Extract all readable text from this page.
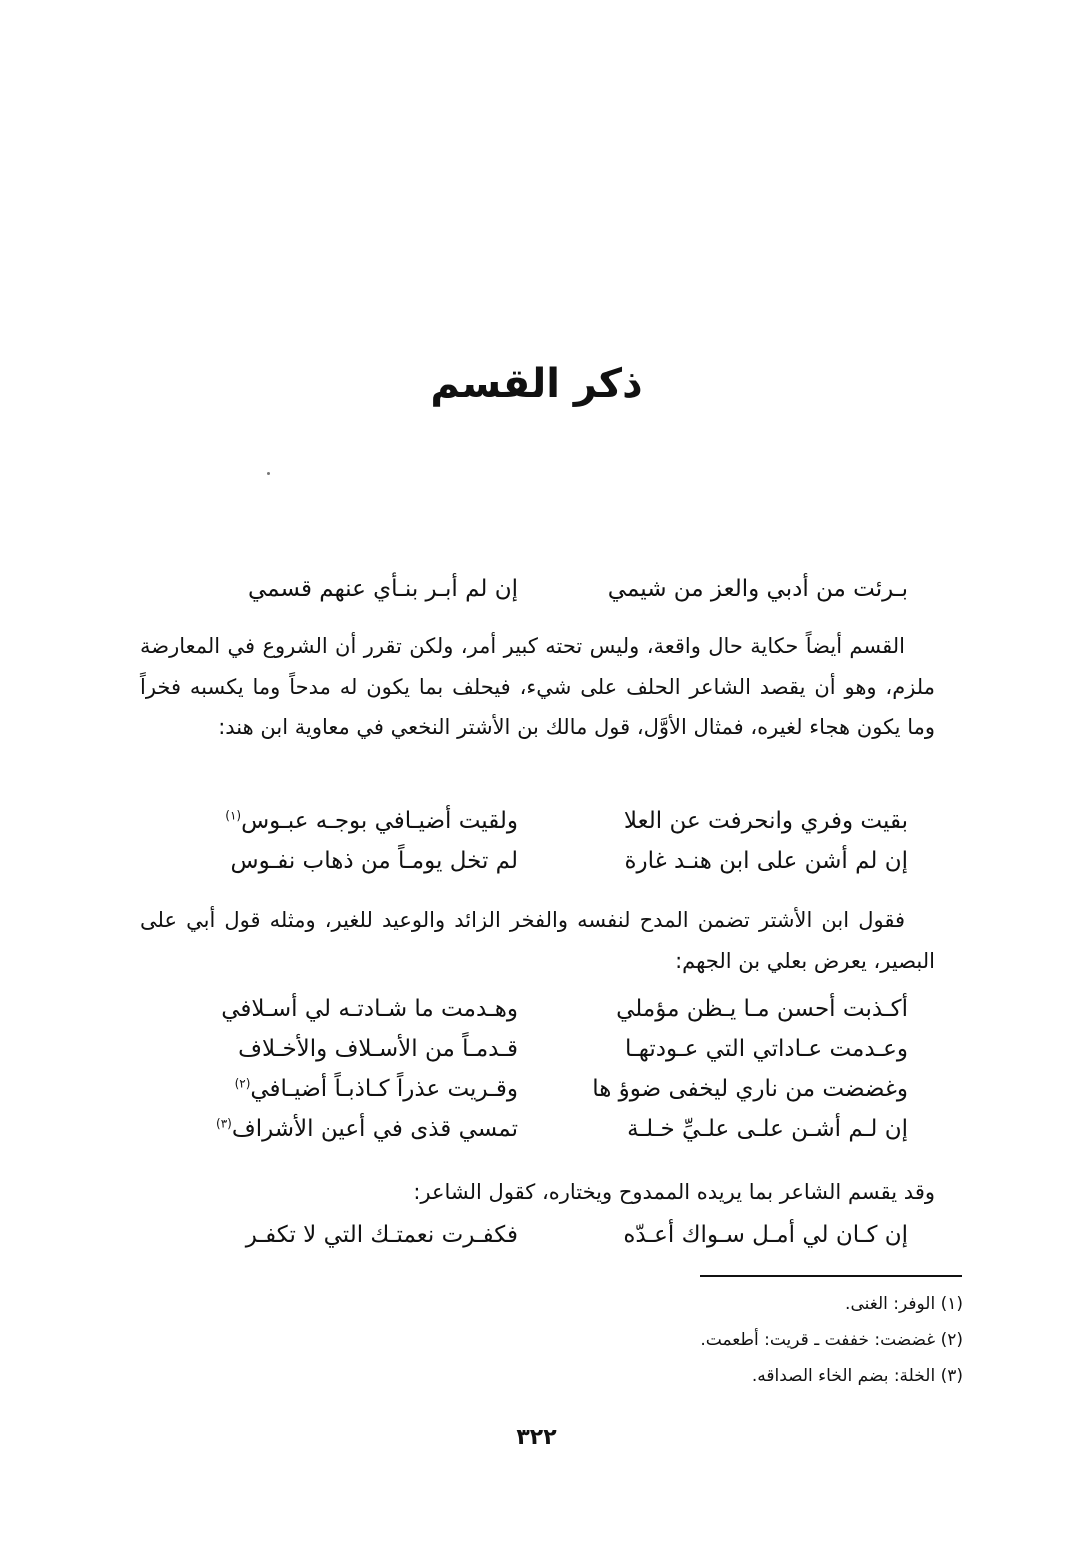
ذكر القسم
بـرئت من أدبي والعز من شيمي
إن لم أبـر بنـأي عنهم قسمي
القسم أيضاً حكاية حال واقعة، وليس تحته كبير أمر، ولكن تقرر أن الشروع في المعارضة ملزم، وهو أن يقصد الشاعر الحلف على شيء، فيحلف بما يكون له مدحاً وما يكسبه فخراً وما يكون هجاء لغيره، فمثال الأوَّل، قول مالك بن الأشتر النخعي في معاوية ابن هند:
بقيت وفري وانحرفت عن العلا
ولقيت أضيـافي بوجـه عبـوس$^{(١)}$
إن لم أشن على ابن هنـد غارة
لم تخل يومـاً من ذهاب نفـوس
فقول ابن الأشتر تضمن المدح لنفسه والفخر الزائد والوعيد للغير، ومثله قول أبي على البصير، يعرض بعلي بن الجهم:
أكـذبت أحسن مـا يـظن مؤملي
وهـدمت ما شـادتـه لي أسـلافي
وعـدمت عـاداتي التي عـودتهـا
قـدمـاً من الأسـلاف والأخـلاف
وغضضت من ناري ليخفى ضوؤ ها
وقـريت عذراً كـاذبـاً أضيـافي$^{(٢)}$
إن لـم أشـن علـى علـيِّ خـلـة
تمسي قذى في أعين الأشراف$^{(٣)}$
وقد يقسم الشاعر بما يريده الممدوح ويختاره، كقول الشاعر:
إن كـان لي أمـل سـواك أعـدّه
فكفـرت نعمتـك التي لا تكفـر
(١) الوفر: الغنى.
(٢) غضضت: خففت ـ قريت: أطعمت.
(٣) الخلة: بضم الخاء الصداقه.
٣٢٢
